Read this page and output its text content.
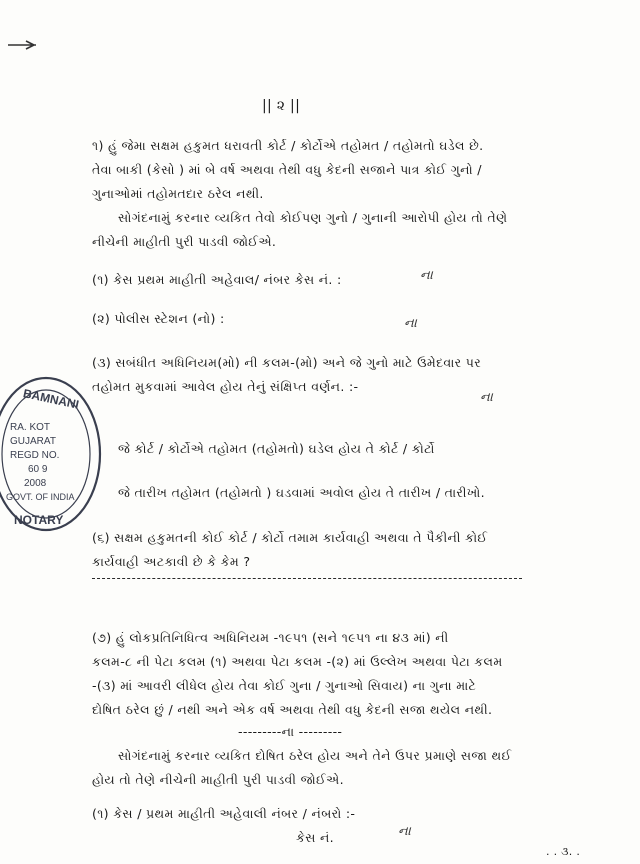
|| ૨ ||
૧) હું જેમા સક્ષમ હકુમત ધરાવતી કોર્ટ / કોર્ટોએ તહોમત / તહોમતો ઘડેલ છે.
તેવા બાકી (કેસો ) માં બે વર્ષ અથવા તેથી વધુ કેદની સજાને પાત્ર કોઈ ગુનો /
ગુનાઓમાં તહોમતદાર ઠરેલ નથી.
સોગંદનામું કરનાર વ્યકિત તેવો કોઈપણ ગુનો / ગુનાની આરોપી હોય તો તેણે
નીચેની માહીતી પુરી પાડવી જોઈએ.
(૧) કેસ પ્રથમ માહીતી અહેવાલ/ નંબર કેસ નં. :	ના
(૨) પોલીસ સ્ટેશન (નો) :	ના
(૩) સબંધીત અધિનિયમ(મો) ની કલમ-(મો) અને જે ગુનો માટે ઉમેદવાર પર
તહોમત મુકવામાં આવેલ હોય તેનું સંક્ષિપ્ત વર્ણન. :-
ના
જે કોર્ટ / કોર્ટોએ તહોમત (તહોમતો) ઘડેલ હોય તે કોર્ટ / કોર્ટો
જે તારીખ તહોમત (તહોમતો ) ઘડવામાં અવોલ હોય તે તારીખ / તારીખો.
(૬) સક્ષમ હકુમતની કોઈ કોર્ટ / કોર્ટો તમામ કાર્યવાહી અથવા તે પૈકીની કોઈ
કાર્યવાહી અટકાવી છે કે કેમ ?
(૭) હું લોકપ્રતિનિધિત્વ અધિનિયમ -૧૯૫૧ (સને ૧૯૫૧ ના ૪૩ માં) ની
કલમ-૮ ની પેટા કલમ (૧) અથવા પેટા કલમ -(૨) માં ઉલ્લેખ અથવા પેટા કલમ
-(૩) માં આવરી લીધેલ હોય તેવા કોઈ ગુના / ગુનાઓ સિવાય) ના ગુના માટે
દોષિત ઠરેલ છું / નથી અને એક વર્ષ અથવા તેથી વધુ કેદની સજા થયેલ નથી.
---------ના ---------
સોગંદનામું કરનાર વ્યકિત દોષિત ઠરેલ હોય અને તેને ઉપર પ્રમાણે સજા થઈ
હોય તો તેણે નીચેની માહીતી પુરી પાડવી જોઈએ.
(૧) કેસ / પ્રથમ માહીતી અહેવાલી નંબર / નંબરો :-
કેસ નં.	ના
. . ૩. .
BAMNANI
RA. KOT
GUJARAT
REGD NO.
60 9
2008
GOVT. OF INDIA
NOTARY
